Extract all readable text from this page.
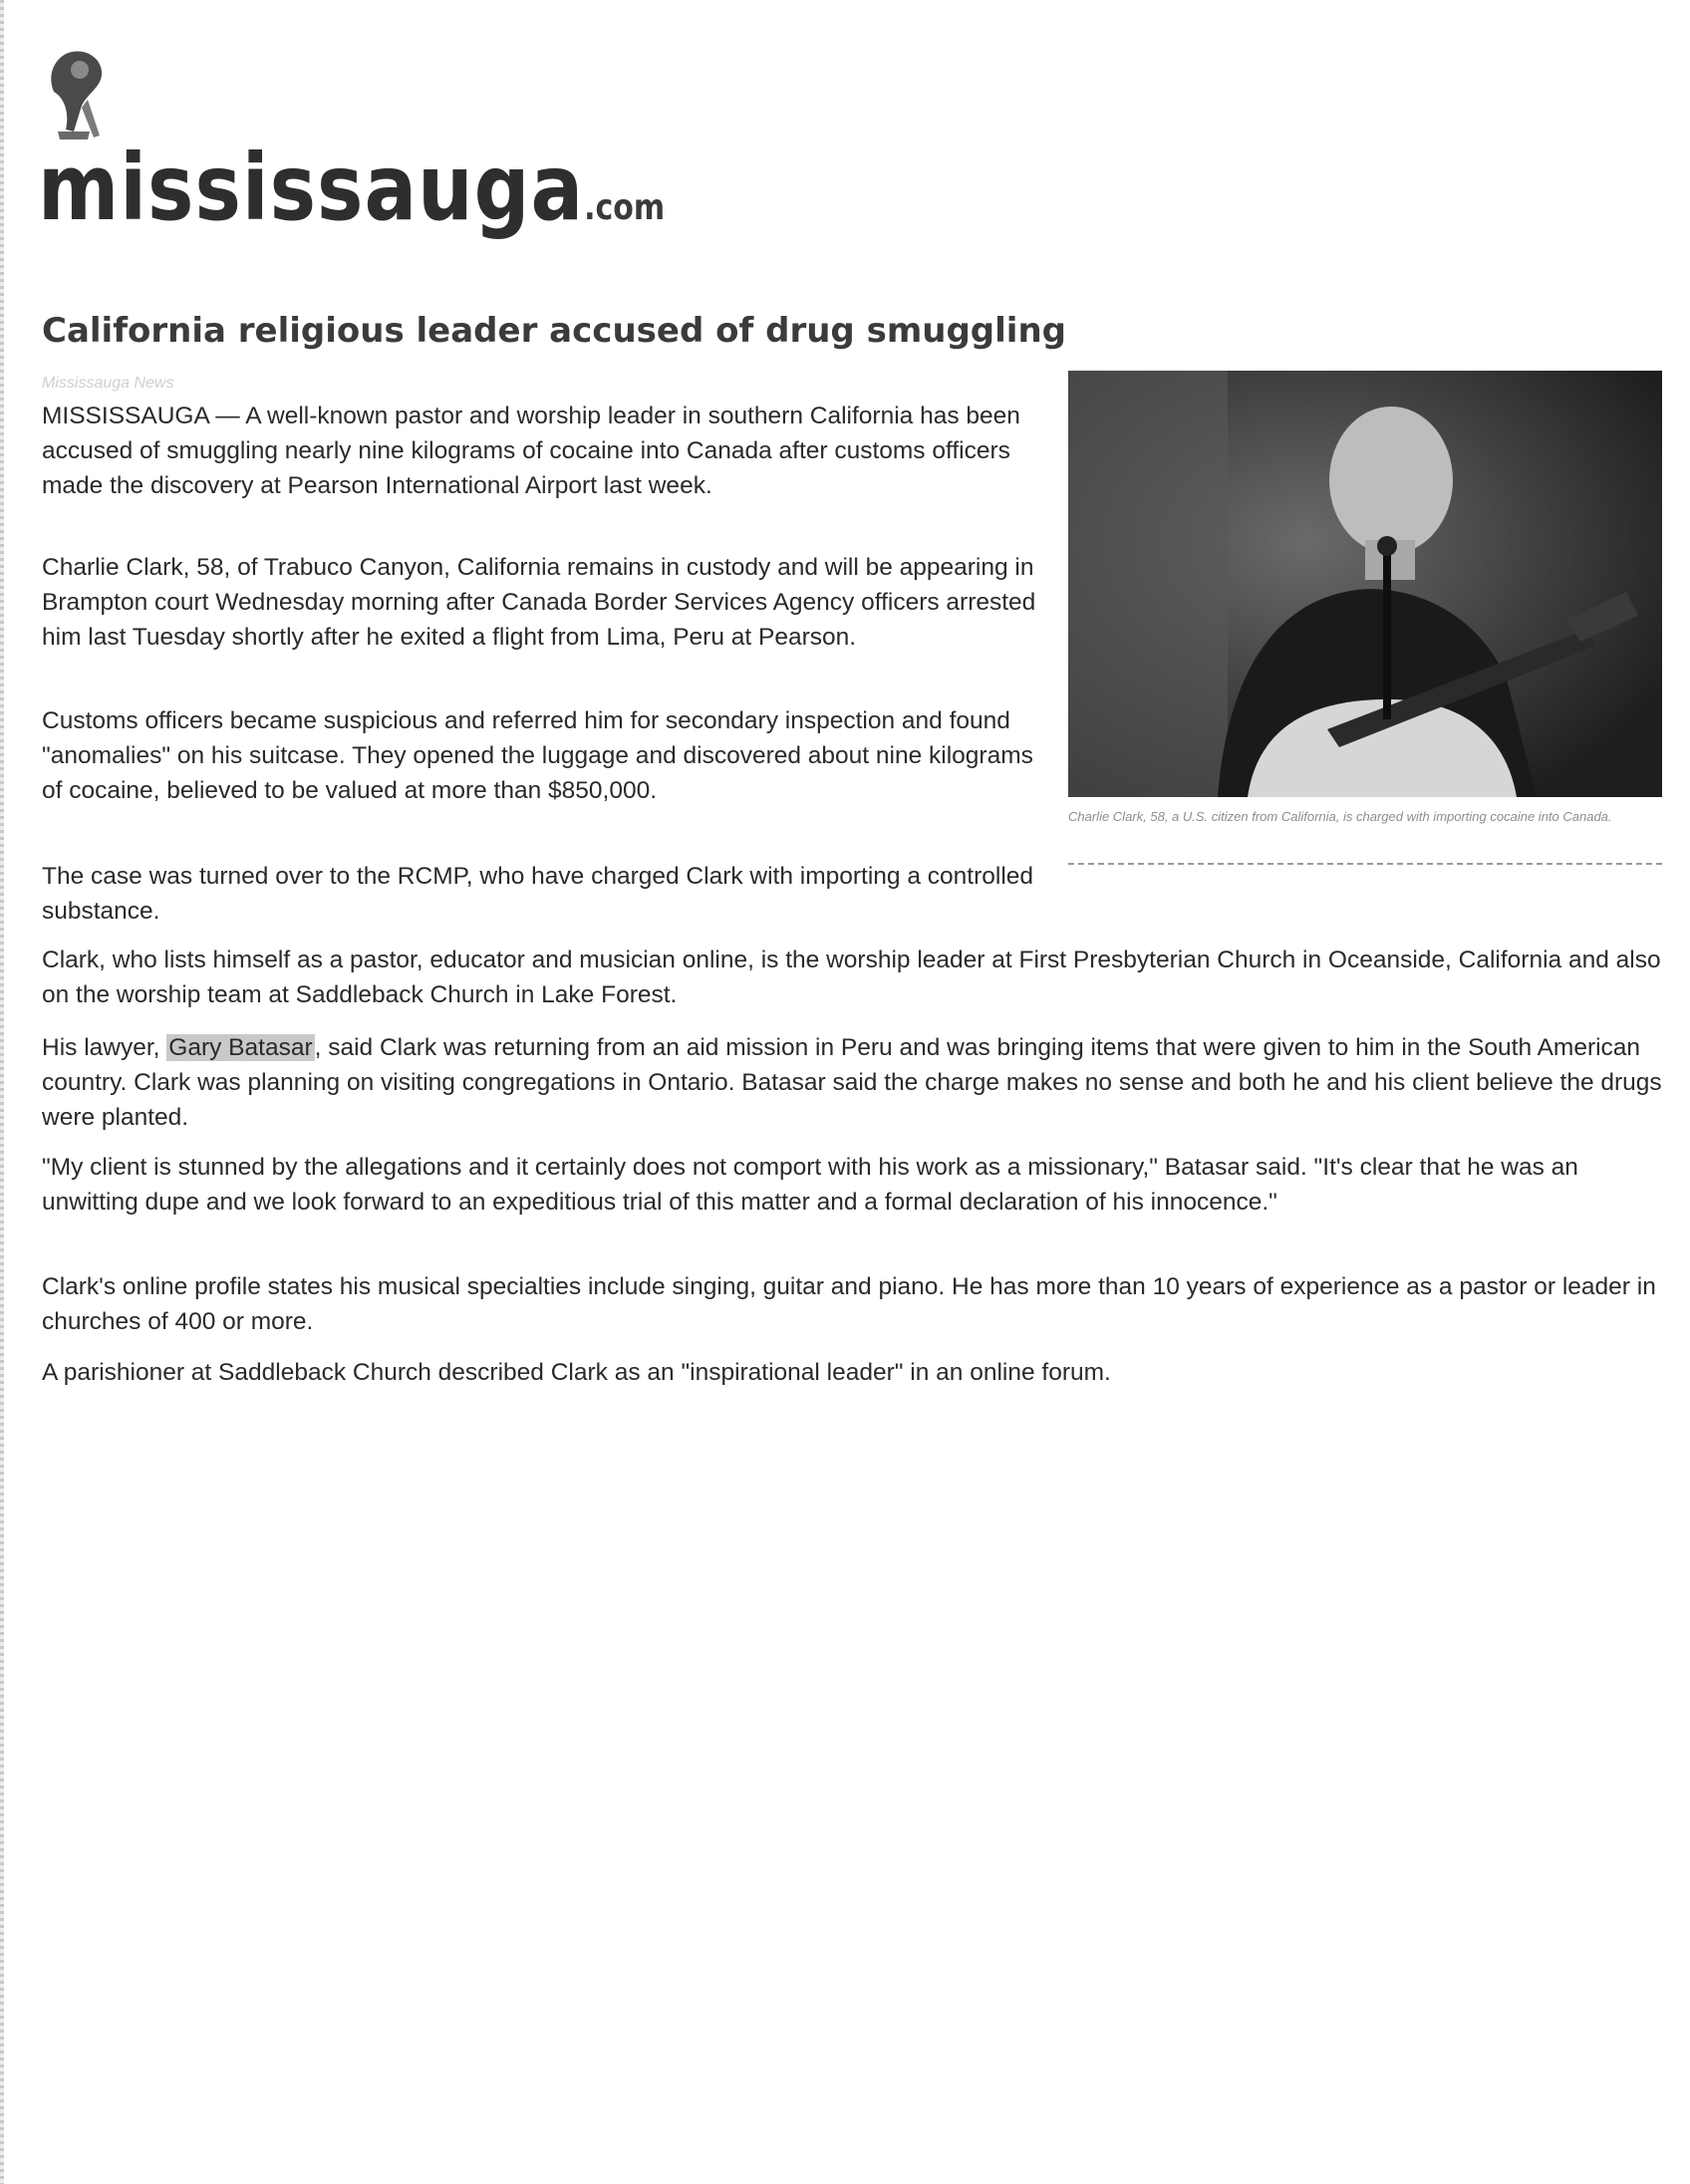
mississauga.com
California religious leader accused of drug smuggling
Mississauga News
Charlie Clark, 58, a U.S. citizen from California, is charged with importing cocaine into Canada.

MISSISSAUGA — A well-known pastor and worship leader in southern California has been accused of smuggling nearly nine kilograms of cocaine into Canada after customs officers made the discovery at Pearson International Airport last week.

Charlie Clark, 58, of Trabuco Canyon, California remains in custody and will be appearing in Brampton court Wednesday morning after Canada Border Services Agency officers arrested him last Tuesday shortly after he exited a flight from Lima, Peru at Pearson.

Customs officers became suspicious and referred him for secondary inspection and found "anomalies" on his suitcase. They opened the luggage and discovered about nine kilograms of cocaine, believed to be valued at more than $850,000.

The case was turned over to the RCMP, who have charged Clark with importing a controlled substance.

Clark, who lists himself as a pastor, educator and musician online, is the worship leader at First Presbyterian Church in Oceanside, California and also on the worship team at Saddleback Church in Lake Forest.

His lawyer, Gary Batasar, said Clark was returning from an aid mission in Peru and was bringing items that were given to him in the South American country. Clark was planning on visiting congregations in Ontario. Batasar said the charge makes no sense and both he and his client believe the drugs were planted.

"My client is stunned by the allegations and it certainly does not comport with his work as a missionary," Batasar said. "It's clear that he was an unwitting dupe and we look forward to an expeditious trial of this matter and a formal declaration of his innocence."

Clark's online profile states his musical specialties include singing, guitar and piano. He has more than 10 years of experience as a pastor or leader in churches of 400 or more.

A parishioner at Saddleback Church described Clark as an "inspirational leader" in an online forum.
